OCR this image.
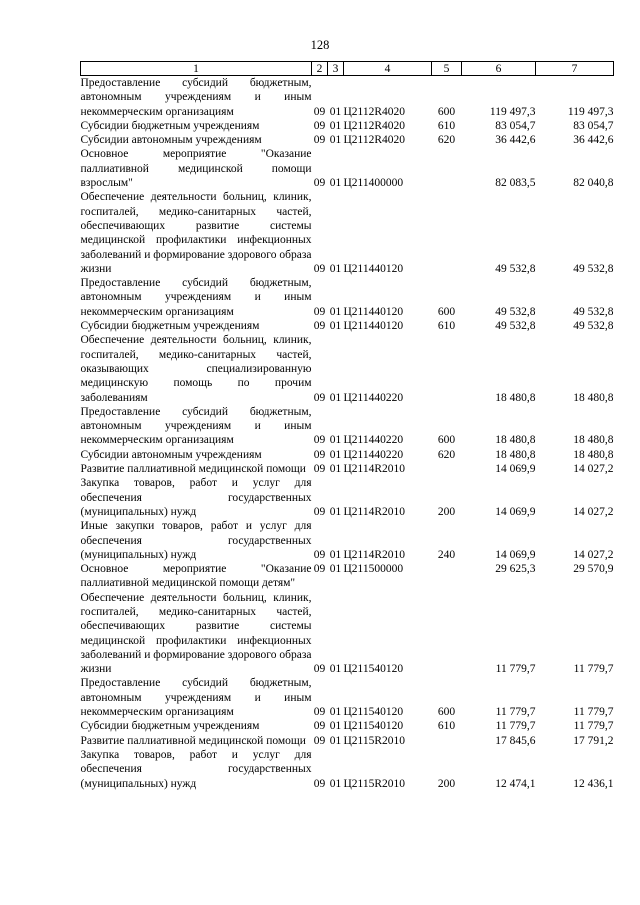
128
1	2	3	4	5	6	7
Предоставление субсидий бюджетным, автономным учреждениям и иным некоммерческим организациям	09	01	Ц2112R4020	600	119 497,3	119 497,3
Субсидии бюджетным учреждениям	09	01	Ц2112R4020	610	83 054,7	83 054,7
Субсидии автономным учреждениям	09	01	Ц2112R4020	620	36 442,6	36 442,6
Основное мероприятие "Оказание паллиативной медицинской помощи взрослым"	09	01	Ц211400000		82 083,5	82 040,8
Обеспечение деятельности больниц, клиник, госпиталей, медико-санитарных частей, обеспечивающих развитие системы медицинской профилактики инфекционных заболеваний и формирование здорового образа жизни	09	01	Ц211440120		49 532,8	49 532,8
Предоставление субсидий бюджетным, автономным учреждениям и иным некоммерческим организациям	09	01	Ц211440120	600	49 532,8	49 532,8
Субсидии бюджетным учреждениям	09	01	Ц211440120	610	49 532,8	49 532,8
Обеспечение деятельности больниц, клиник, госпиталей, медико-санитарных частей, оказывающих специализированную медицинскую помощь по прочим заболеваниям	09	01	Ц211440220		18 480,8	18 480,8
Предоставление субсидий бюджетным, автономным учреждениям и иным некоммерческим организациям	09	01	Ц211440220	600	18 480,8	18 480,8
Субсидии автономным учреждениям	09	01	Ц211440220	620	18 480,8	18 480,8
Развитие паллиативной медицинской помощи	09	01	Ц2114R2010		14 069,9	14 027,2
Закупка товаров, работ и услуг для обеспечения государственных (муниципальных) нужд	09	01	Ц2114R2010	200	14 069,9	14 027,2
Иные закупки товаров, работ и услуг для обеспечения государственных (муниципальных) нужд	09	01	Ц2114R2010	240	14 069,9	14 027,2
Основное мероприятие "Оказание паллиативной медицинской помощи детям"	09	01	Ц211500000		29 625,3	29 570,9
Обеспечение деятельности больниц, клиник, госпиталей, медико-санитарных частей, обеспечивающих развитие системы медицинской профилактики инфекционных заболеваний и формирование здорового образа жизни	09	01	Ц211540120		11 779,7	11 779,7
Предоставление субсидий бюджетным, автономным учреждениям и иным некоммерческим организациям	09	01	Ц211540120	600	11 779,7	11 779,7
Субсидии бюджетным учреждениям	09	01	Ц211540120	610	11 779,7	11 779,7
Развитие паллиативной медицинской помощи	09	01	Ц2115R2010		17 845,6	17 791,2
Закупка товаров, работ и услуг для обеспечения государственных (муниципальных) нужд	09	01	Ц2115R2010	200	12 474,1	12 436,1
